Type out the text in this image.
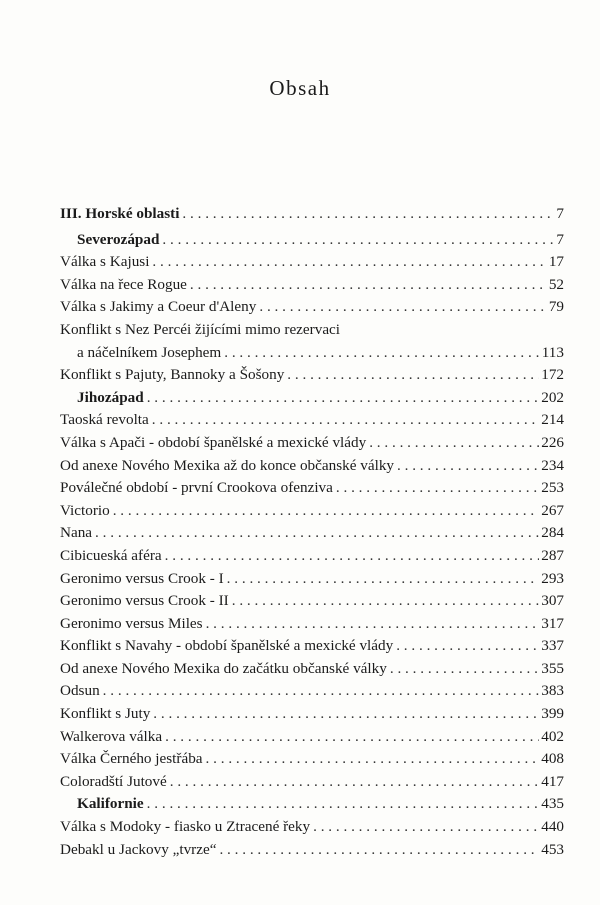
Obsah
III. Horské oblasti . . .	7
Severozápad . . .	7
Válka s Kajusi . . .	17
Válka na řece Rogue . . .	52
Válka s Jakimy a Coeur d'Aleny . . .	79
Konflikt s Nez Percéi žijícími mimo rezervaci
a náčelníkem Josephem . . .	113
Konflikt s Pajuty, Bannoky a Šošony . . .	172
Jihozápad . . .	202
Taoská revolta . . .	214
Válka s Apači - období španělské a mexické vlády . . .	226
Od anexe Nového Mexika až do konce občanské války . . .	234
Poválečné období - první Crookova ofenziva . . .	253
Victorio . . .	267
Nana . . .	284
Cibicueská aféra . . .	287
Geronimo versus Crook - I . . .	293
Geronimo versus Crook - II . . .	307
Geronimo versus Miles . . .	317
Konflikt s Navahy - období španělské a mexické vlády . . .	337
Od anexe Nového Mexika do začátku občanské války . . .	355
Odsun . . .	383
Konflikt s Juty . . .	399
Walkerova válka . . .	402
Válka Černého jestřába . . .	408
Coloradští Jutové . . .	417
Kalifornie . . .	435
Válka s Modoky - fiasko u Ztracené řeky . . .	440
Debakl u Jackovy „tvrze“ . . .	453
